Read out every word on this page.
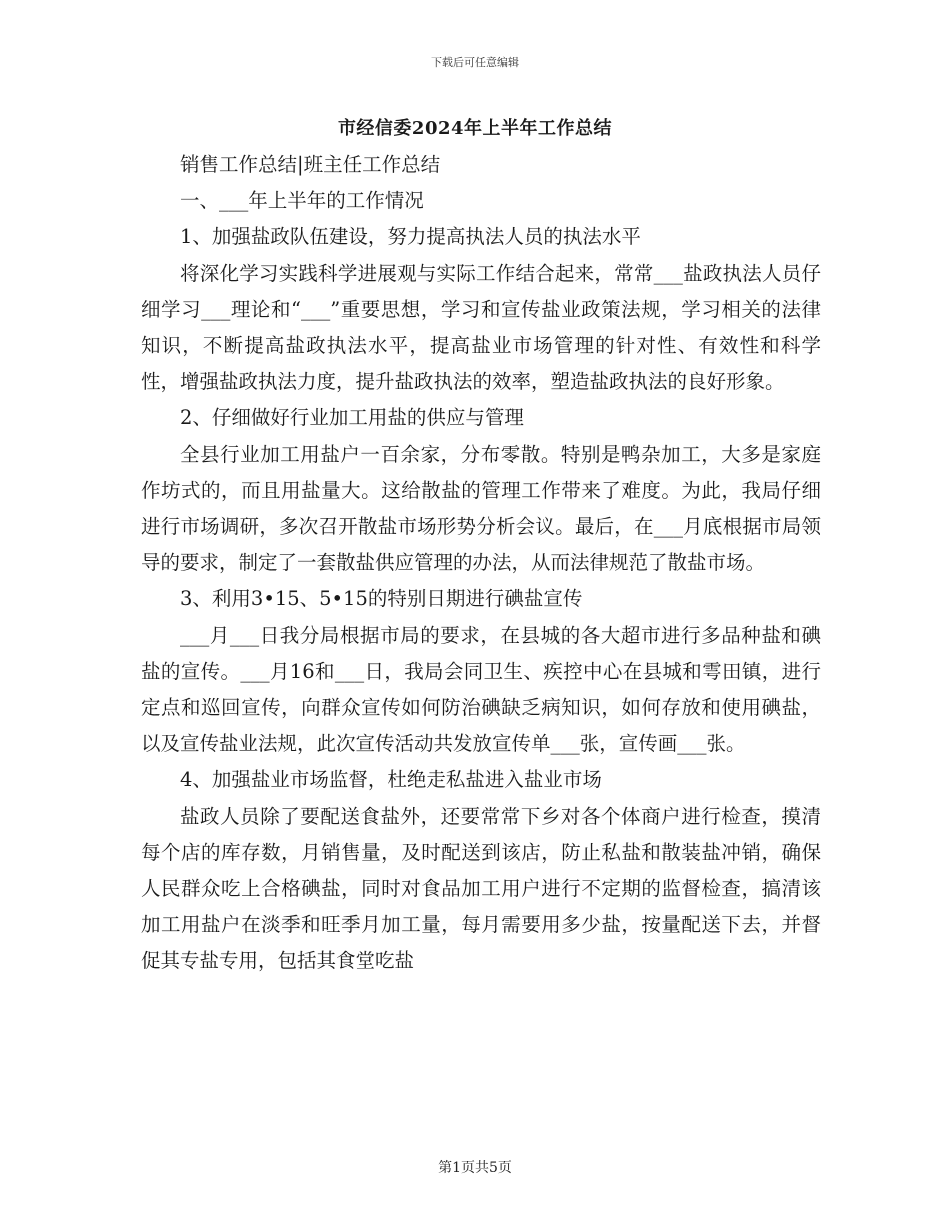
下载后可任意编辑
市经信委2024年上半年工作总结

销售工作总结|班主任工作总结

一、___年上半年的工作情况

1、加强盐政队伍建设，努力提高执法人员的执法水平

将深化学习实践科学进展观与实际工作结合起来，常常___盐政执法人员仔细学习___理论和“___”重要思想，学习和宣传盐业政策法规，学习相关的法律知识，不断提高盐政执法水平，提高盐业市场管理的针对性、有效性和科学性，增强盐政执法力度，提升盐政执法的效率，塑造盐政执法的良好形象。

2、仔细做好行业加工用盐的供应与管理

全县行业加工用盐户一百余家，分布零散。特别是鸭杂加工，大多是家庭作坊式的，而且用盐量大。这给散盐的管理工作带来了难度。为此，我局仔细进行市场调研，多次召开散盐市场形势分析会议。最后，在___月底根据市局领导的要求，制定了一套散盐供应管理的办法，从而法律规范了散盐市场。

3、利用3•15、5•15的特别日期进行碘盐宣传

___月___日我分局根据市局的要求，在县城的各大超市进行多品种盐和碘盐的宣传。___月16和___日，我局会同卫生、疾控中心在县城和雩田镇，进行定点和巡回宣传，向群众宣传如何防治碘缺乏病知识，如何存放和使用碘盐，以及宣传盐业法规，此次宣传活动共发放宣传单___张，宣传画___张。

4、加强盐业市场监督，杜绝走私盐进入盐业市场

盐政人员除了要配送食盐外，还要常常下乡对各个体商户进行检查，摸清每个店的库存数，月销售量，及时配送到该店，防止私盐和散装盐冲销，确保人民群众吃上合格碘盐，同时对食品加工用户进行不定期的监督检查，搞清该加工用盐户在淡季和旺季月加工量，每月需要用多少盐，按量配送下去，并督促其专盐专用，包括其食堂吃盐

第1页共5页
